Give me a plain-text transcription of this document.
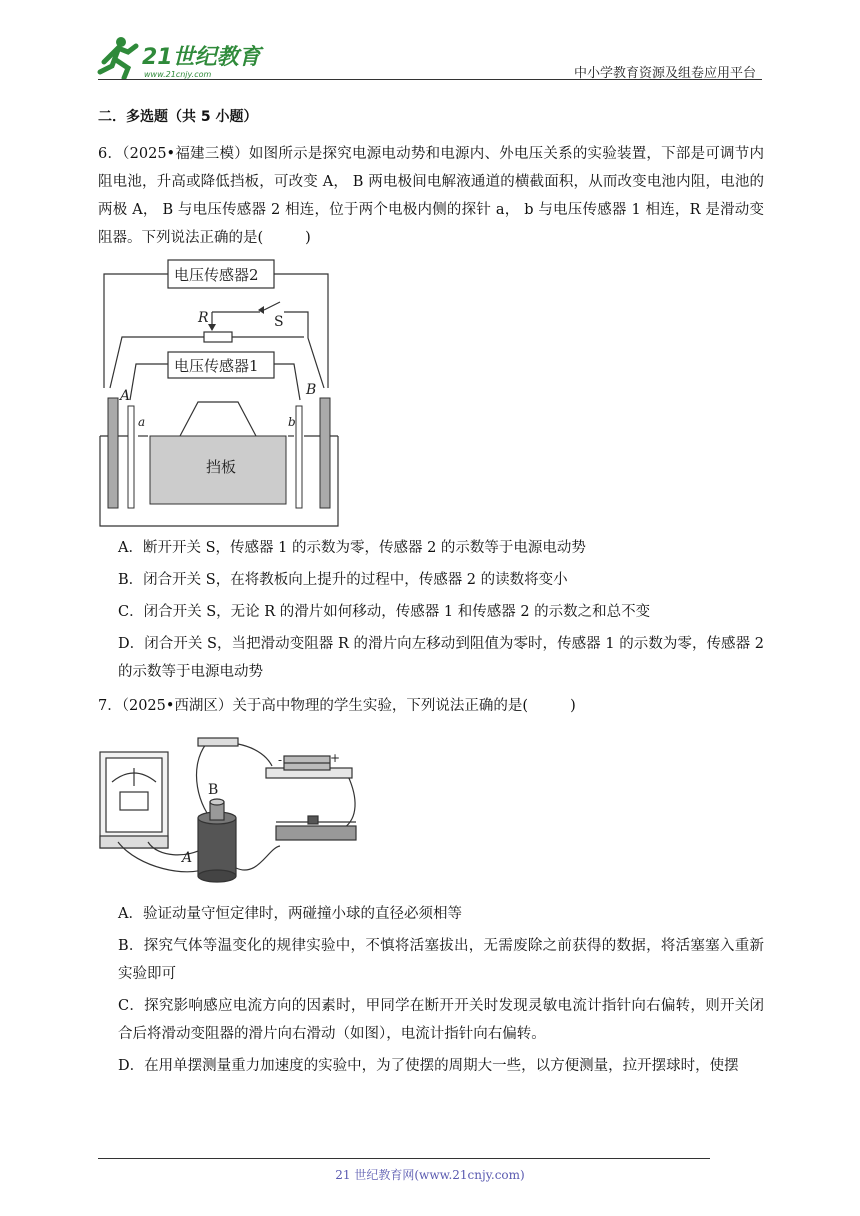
21世纪教育
www.21cnjy.com	中小学教育资源及组卷应用平台
二．多选题（共 5 小题）
6．（2025•福建三模）如图所示是探究电源电动势和电源内、外电压关系的实验装置，下部是可调节内阻电池，升高或降低挡板，可改变 A， B 两电极间电解液通道的横截面积，从而改变电池内阻，电池的两极 A， B 与电压传感器 2 相连，位于两个电极内侧的探针 a， b 与电压传感器 1 相连，R 是滑动变阻器。下列说法正确的是(	)
电压传感器2
电压传感器1
挡板
R	S
A	B
a	b
A．断开开关 S，传感器 1 的示数为零，传感器 2 的示数等于电源电动势
B．闭合开关 S，在将教板向上提升的过程中，传感器 2 的读数将变小
C．闭合开关 S，无论 R 的滑片如何移动，传感器 1 和传感器 2 的示数之和总不变
D．闭合开关 S，当把滑动变阻器 R 的滑片向左移动到阻值为零时，传感器 1 的示数为零，传感器 2 的示数等于电源电动势
7．（2025•西湖区）关于高中物理的学生实验，下列说法正确的是(	)
B
A
-	+
A．验证动量守恒定律时，两碰撞小球的直径必须相等
B．探究气体等温变化的规律实验中，不慎将活塞拔出，无需废除之前获得的数据，将活塞塞入重新实验即可
C．探究影响感应电流方向的因素时，甲同学在断开开关时发现灵敏电流计指针向右偏转，则开关闭合后将滑动变阻器的滑片向右滑动（如图），电流计指针向右偏转。
D．在用单摆测量重力加速度的实验中，为了使摆的周期大一些，以方便测量，拉开摆球时，使摆
21 世纪教育网(www.21cnjy.com)
